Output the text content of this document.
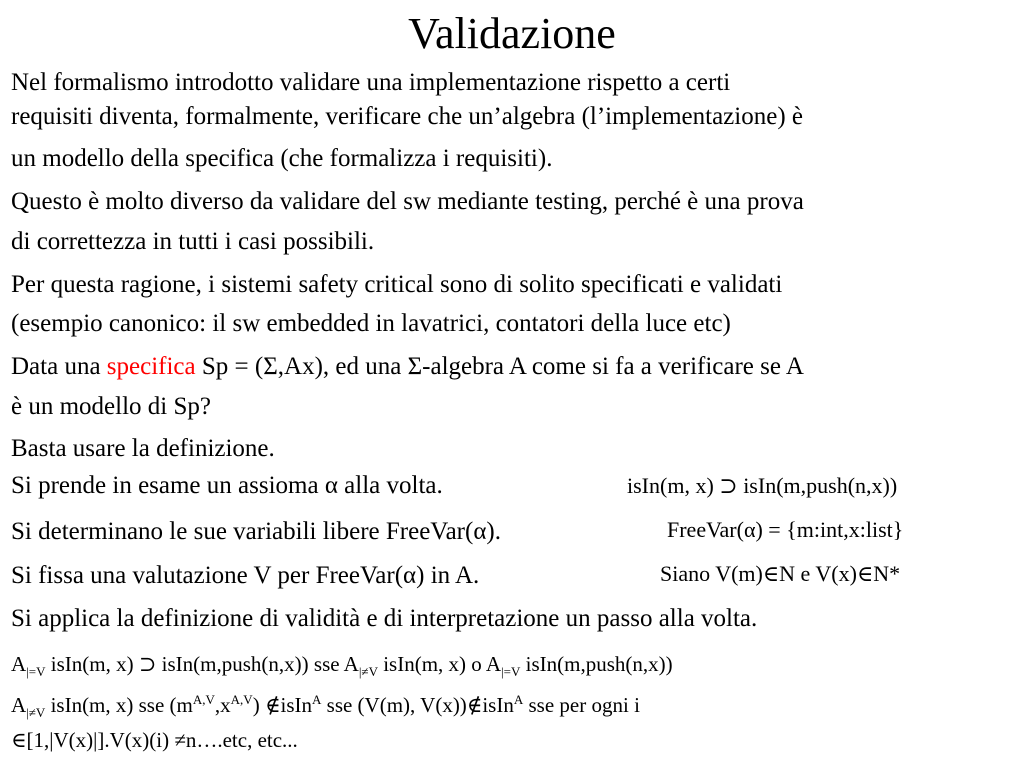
Validazione
Nel formalismo introdotto validare una implementazione rispetto a certi
requisiti diventa, formalmente, verificare che un’algebra (l’implementazione) è
un modello della specifica (che formalizza i requisiti).
Questo è molto diverso da validare del sw mediante testing, perché è una prova
di correttezza in tutti i casi possibili.
Per questa ragione, i sistemi safety critical sono di solito specificati e validati
(esempio canonico: il sw embedded in lavatrici, contatori della luce etc)
Data una specifica Sp = (Σ,Ax), ed una Σ-algebra A come si fa a verificare se A
è un modello di Sp?
Basta usare la definizione.
Si prende in esame un assioma α alla volta.
Si determinano le sue variabili libere FreeVar(α).
Si fissa una valutazione V per FreeVar(α) in A.
Si applica la definizione di validità e di interpretazione un passo alla volta.
isIn(m, x) ⊃ isIn(m,push(n,x))
FreeVar(α) = {m:int,x:list}
Siano V(m)∈N e V(x)∈N*
$A_{|=V}$ isIn(m, x) ⊃ isIn(m,push(n,x)) sse $A_{|\ne V}$ isIn(m, x) o $A_{|=V}$ isIn(m,push(n,x))
$A_{|\ne V}$ isIn(m, x) sse $(m^{A,V},x^{A,V})$ ∉isIn$^A$ sse (V(m), V(x))∉isIn$^A$ sse per ogni i
∈[1,|V(x)|].V(x)(i) ≠n….etc, etc...
